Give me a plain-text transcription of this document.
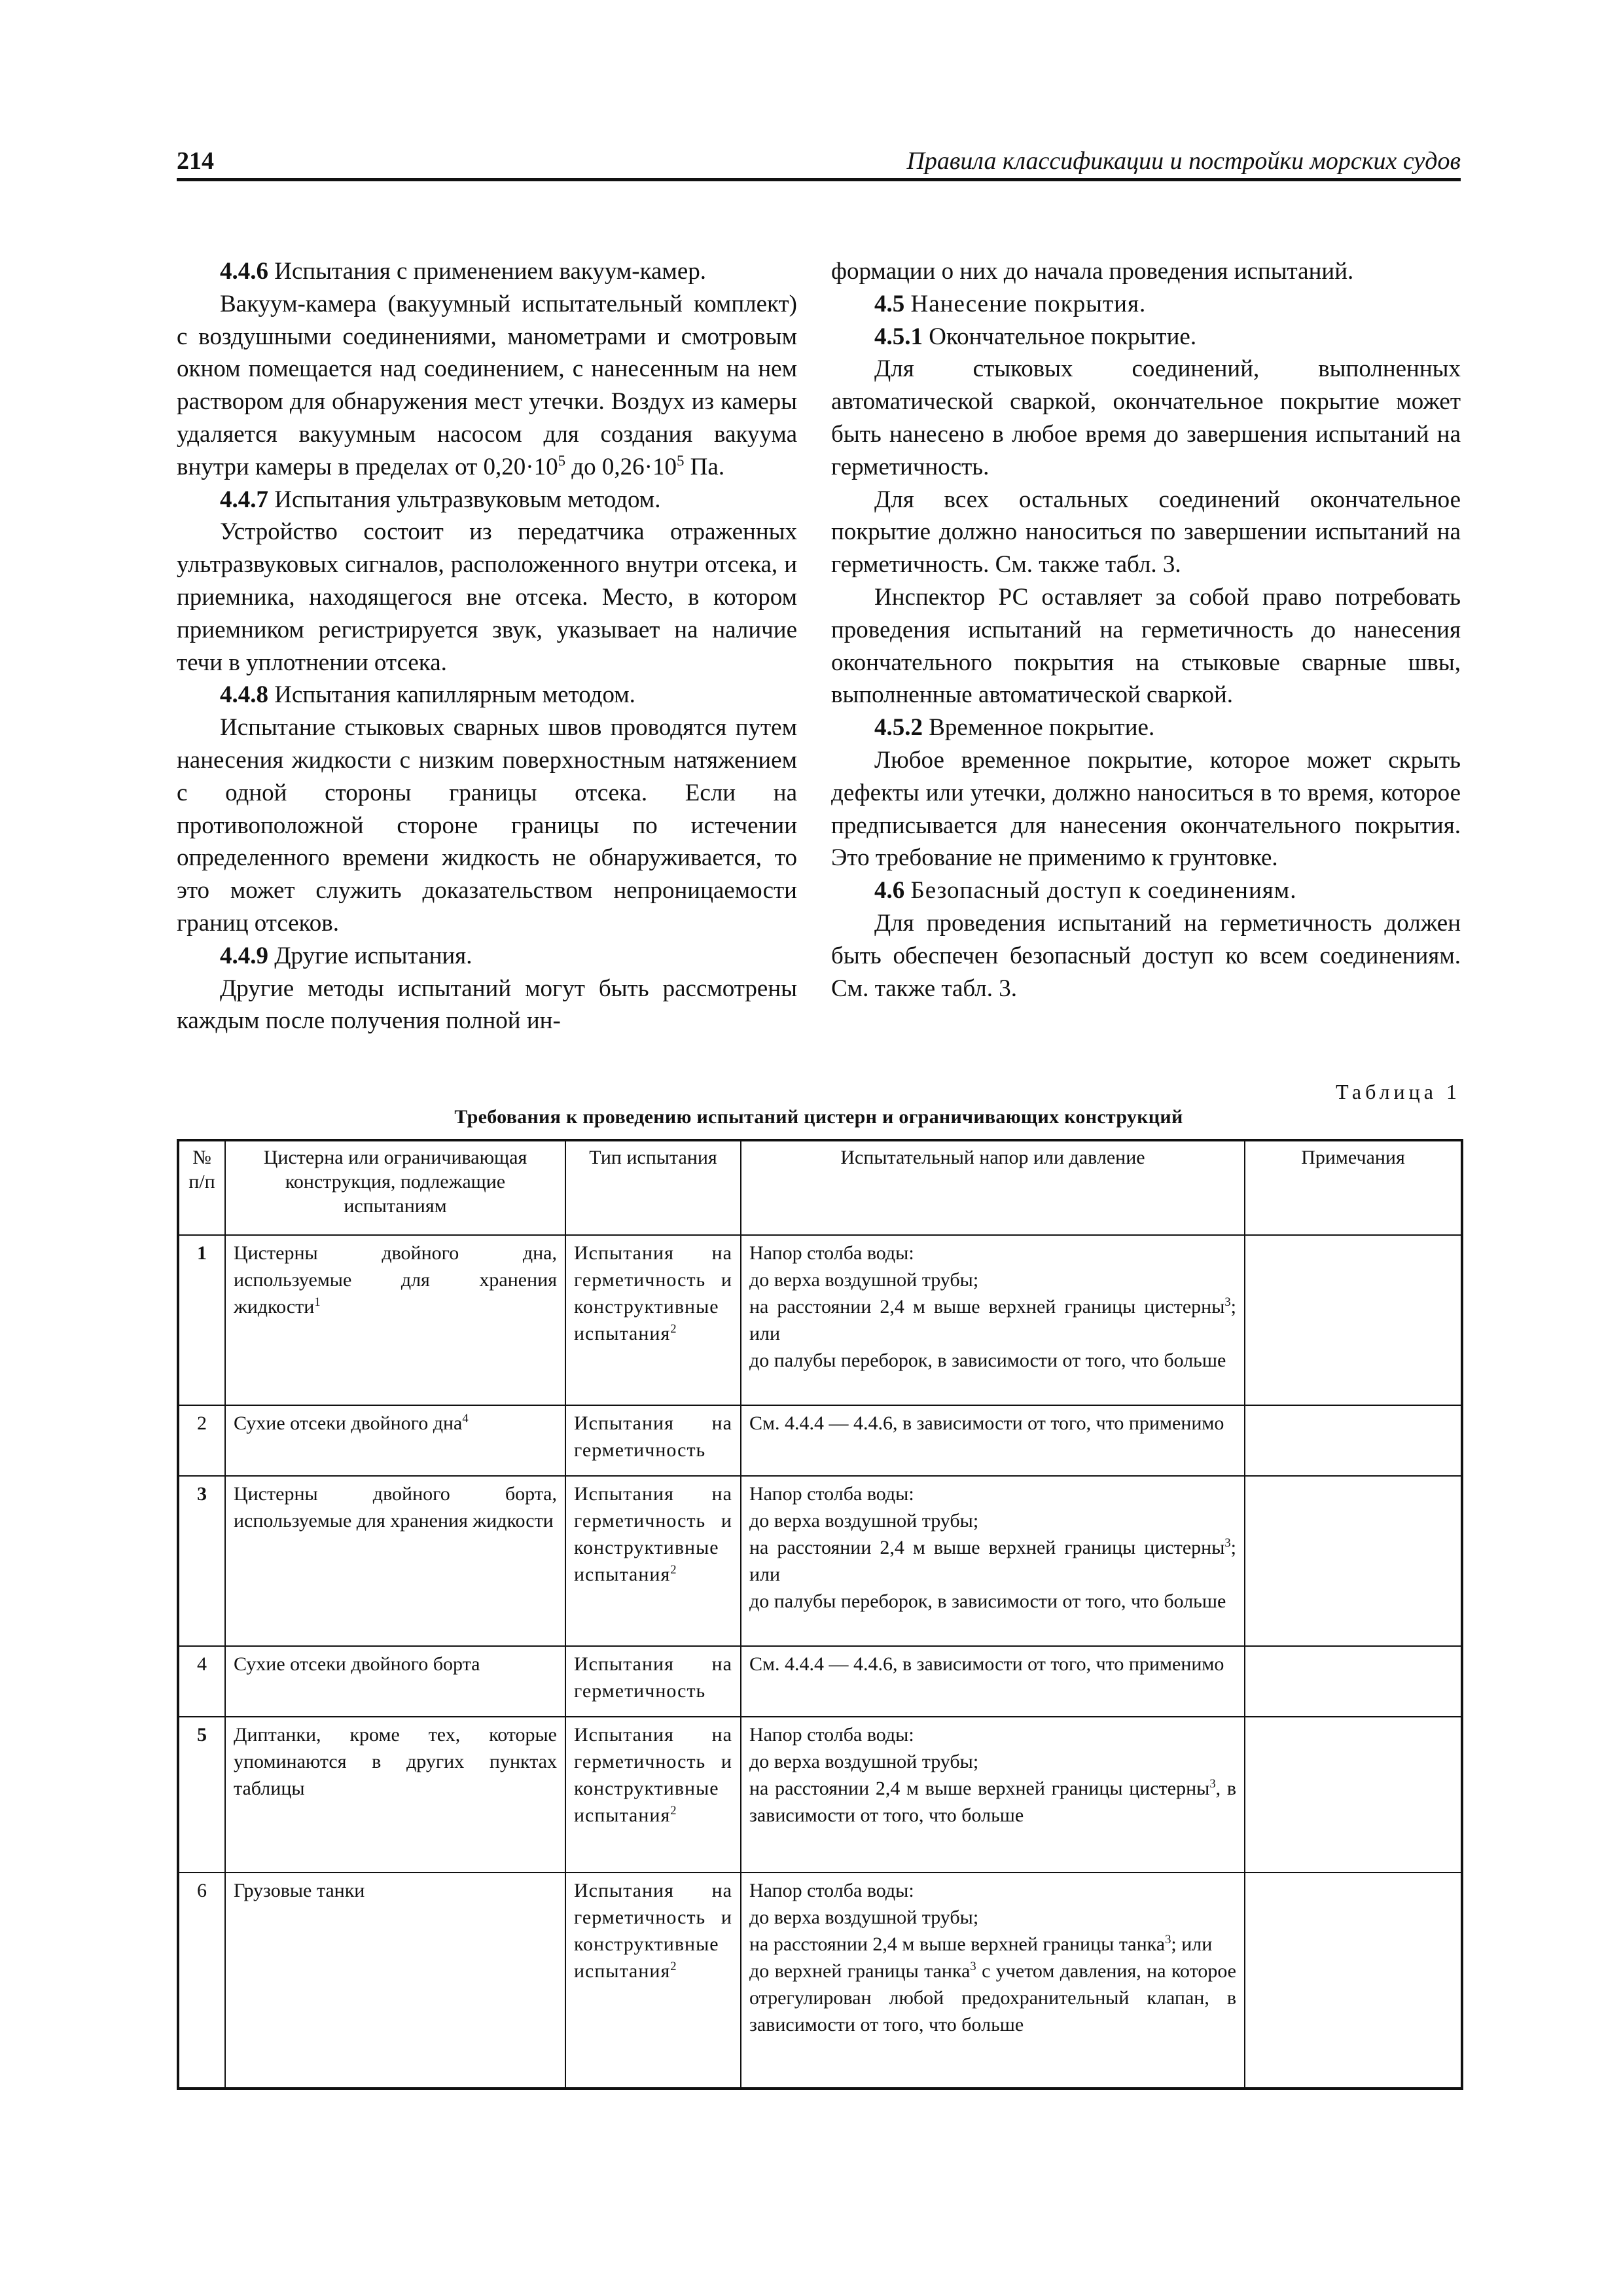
214	Правила классификации и постройки морских судов

4.4.6 Испытания с применением вакуум-камер.

Вакуум-камера (вакуумный испытательный комплект) с воздушными соединениями, манометрами и смотровым окном помещается над соединением, с нанесенным на нем раствором для обнаружения мест утечки. Воздух из камеры удаляется вакуумным насосом для создания вакуума внутри камеры в пределах от $0,20\cdot 10^5$ до $0,26\cdot 10^5$ Па.

4.4.7 Испытания ультразвуковым методом.

Устройство состоит из передатчика отраженных ультразвуковых сигналов, расположенного внутри отсека, и приемника, находящегося вне отсека. Место, в котором приемником регистрируется звук, указывает на наличие течи в уплотнении отсека.

4.4.8 Испытания капиллярным методом.

Испытание стыковых сварных швов проводятся путем нанесения жидкости с низким поверхностным натяжением с одной стороны границы отсека. Если на противоположной стороне границы по истечении определенного времени жидкость не обнаруживается, то это может служить доказательством непроницаемости границ отсеков.

4.4.9 Другие испытания.

Другие методы испытаний могут быть рассмотрены каждым после получения полной ин-

формации о них до начала проведения испытаний.

4.5 Нанесение покрытия.

4.5.1 Окончательное покрытие.

Для стыковых соединений, выполненных автоматической сваркой, окончательное покрытие может быть нанесено в любое время до завершения испытаний на герметичность.

Для всех остальных соединений окончательное покрытие должно наноситься по завершении испытаний на герметичность. См. также табл. 3.

Инспектор РС оставляет за собой право потребовать проведения испытаний на герметичность до нанесения окончательного покрытия на стыковые сварные швы, выполненные автоматической сваркой.

4.5.2 Временное покрытие.

Любое временное покрытие, которое может скрыть дефекты или утечки, должно наноситься в то время, которое предписывается для нанесения окончательного покрытия. Это требование не применимо к грунтовке.

4.6 Безопасный доступ к соединениям.

Для проведения испытаний на герметичность должен быть обеспечен безопасный доступ ко всем соединениям. См. также табл. 3.

Таблица 1
Требования к проведению испытаний цистерн и ограничивающих конструкций
№ п/п	Цистерна или ограничивающая конструкция, подлежащие испытаниям	Тип испытания	Испытательный напор или давление	Примечания
1	Цистерны двойного дна, используемые для хранения жидкости$^1$	Испытания на герметичность и конструктивные испытания$^2$	Напор столба воды:
до верха воздушной трубы;
на расстоянии 2,4 м выше верхней границы цистерны$^3$; или
до палубы переборок, в зависимости от того, что больше	

2	Сухие отсеки двойного дна$^4$	Испытания на герметичность	См. 4.4.4 — 4.4.6, в зависимости от того, что применимо	
3	Цистерны двойного борта, используемые для хранения жидкости	Испытания на герметичность и конструктивные испытания$^2$	Напор столба воды:
до верха воздушной трубы;
на расстоянии 2,4 м выше верхней границы цистерны$^3$; или
до палубы переборок, в зависимости от того, что больше	

4	Сухие отсеки двойного борта	Испытания на герметичность	См. 4.4.4 — 4.4.6, в зависимости от того, что применимо	
5	Диптанки, кроме тех, которые упоминаются в других пунктах таблицы	Испытания на герметичность и конструктивные испытания$^2$	Напор столба воды:
до верха воздушной трубы;
на расстоянии 2,4 м выше верхней границы цистерны$^3$, в зависимости от того, что больше	

6	Грузовые танки	Испытания на герметичность и конструктивные испытания$^2$	Напор столба воды:
до верха воздушной трубы;
на расстоянии 2,4 м выше верхней границы танка$^3$; или
до верхней границы танка$^3$ с учетом давления, на которое отрегулирован любой предохранительный клапан, в зависимости от того, что больше	
